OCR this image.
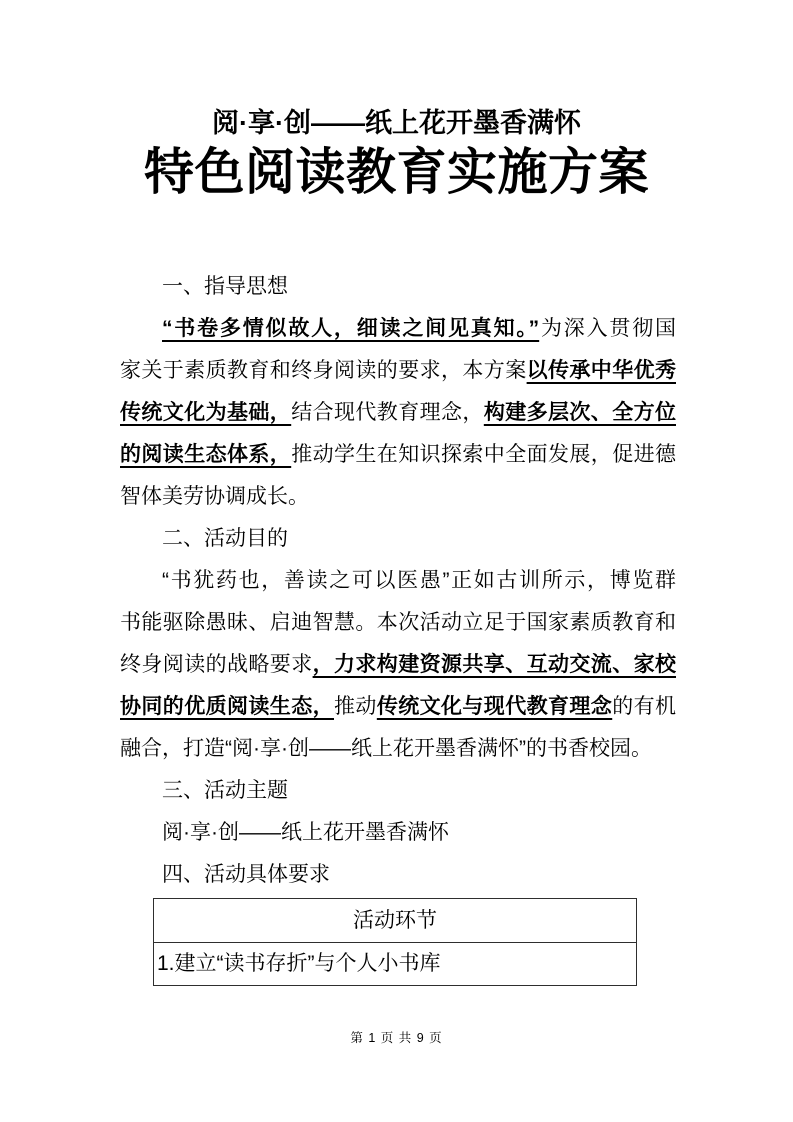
阅·享·创——纸上花开墨香满怀
特色阅读教育实施方案
一、指导思想
“书卷多情似故人，细读之间见真知。”为深入贯彻国
家关于素质教育和终身阅读的要求，本方案以传承中华优秀
传统文化为基础，结合现代教育理念，构建多层次、全方位
的阅读生态体系，推动学生在知识探索中全面发展，促进德
智体美劳协调成长。
二、活动目的
“书犹药也，善读之可以医愚”正如古训所示，博览群
书能驱除愚昧、启迪智慧。本次活动立足于国家素质教育和
终身阅读的战略要求，力求构建资源共享、互动交流、家校
协同的优质阅读生态，推动传统文化与现代教育理念的有机
融合，打造“阅·享·创——纸上花开墨香满怀”的书香校园。
三、活动主题
阅·享·创——纸上花开墨香满怀
四、活动具体要求
活动环节
1.建立“读书存折”与个人小书库
第 1 页 共 9 页
